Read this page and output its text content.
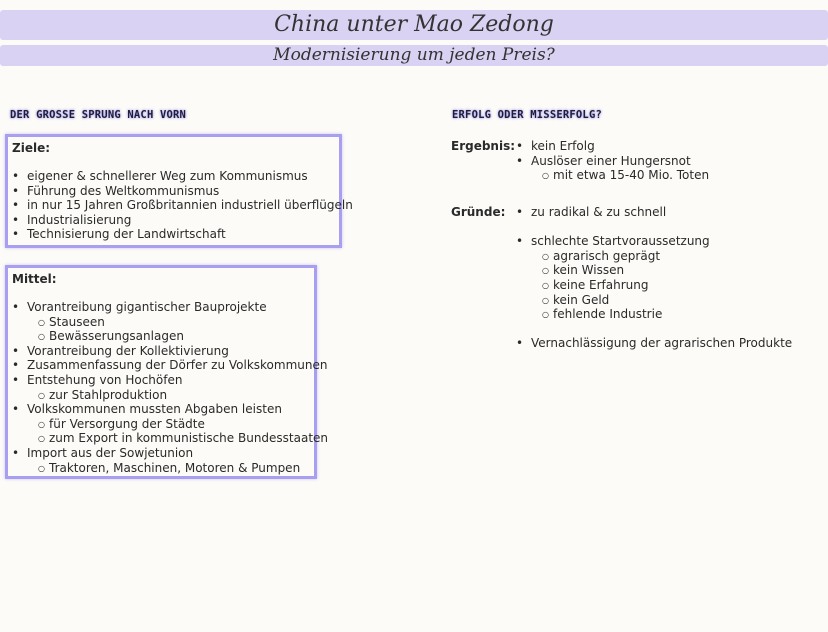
China unter Mao Zedong
Modernisierung um jeden Preis?
DER GROSSE SPRUNG NACH VORN
Ziele:
• eigener & schnellerer Weg zum Kommunismus
• Führung des Weltkommunismus
• in nur 15 Jahren Großbritannien industriell überflügeln
• Industrialisierung
• Technisierung der Landwirtschaft
Mittel:
• Vorantreibung gigantischer Bauprojekte
○ Stauseen
○ Bewässerungsanlagen
• Vorantreibung der Kollektivierung
• Zusammenfassung der Dörfer zu Volkskommunen
• Entstehung von Hochöfen
○ zur Stahlproduktion
• Volkskommunen mussten Abgaben leisten
○ für Versorgung der Städte
○ zum Export in kommunistische Bundesstaaten
• Import aus der Sowjetunion
○ Traktoren, Maschinen, Motoren & Pumpen
ERFOLG ODER MISSERFOLG?
Ergebnis:	• kein Erfolg
• Auslöser einer Hungersnot
○ mit etwa 15-40 Mio. Toten
Gründe:	• zu radikal & zu schnell
• schlechte Startvoraussetzung
○ agrarisch geprägt
○ kein Wissen
○ keine Erfahrung
○ kein Geld
○ fehlende Industrie
• Vernachlässigung der agrarischen Produkte
